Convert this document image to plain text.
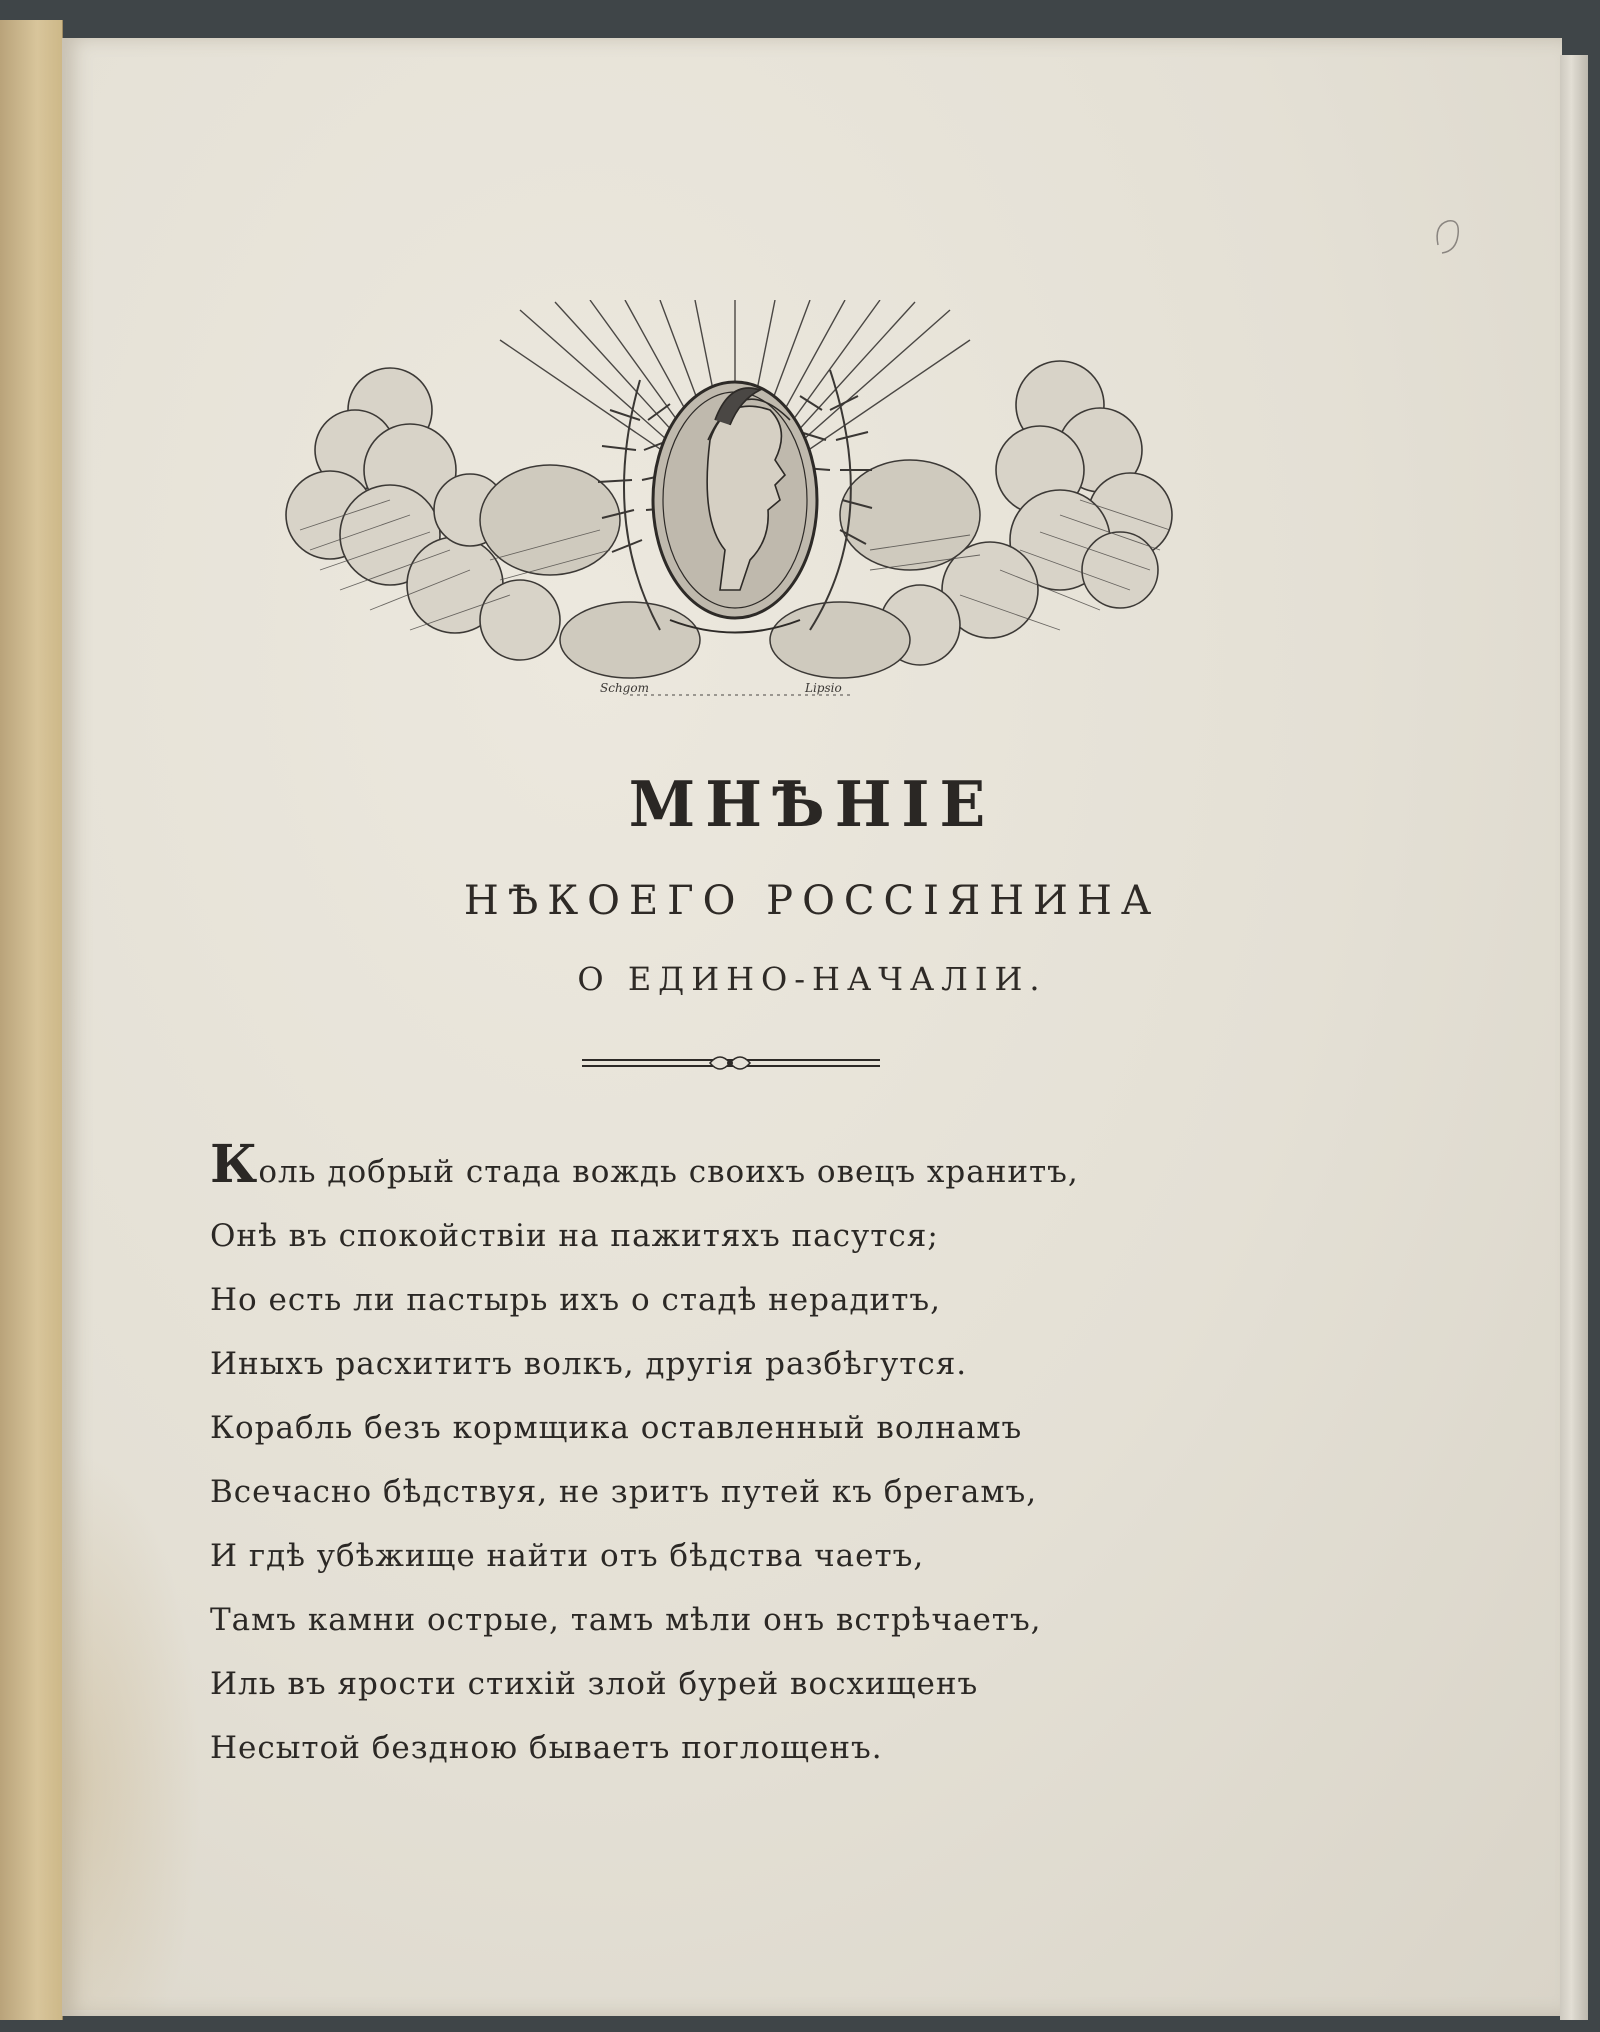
Schgom	Lipsio
МНѢНIЕ
НѢКОЕГО РОССIЯНИНА
О ЕДИНО-НАЧАЛIИ.
Коль добрый стада вождь своихъ овецъ хранитъ,
Онѣ въ спокойствiи на пажитяхъ пасутся;
Но есть ли пастырь ихъ о стадѣ нерадитъ,
Иныхъ расхититъ волкъ, другiя разбѣгутся.
Корабль безъ кормщика оставленный волнамъ
Всечасно бѣдствуя, не зритъ путей къ брегамъ,
И гдѣ убѣжище найти отъ бѣдства чаетъ,
Тамъ камни острые, тамъ мѣли онъ встрѣчаетъ,
Иль въ ярости стихiй злой бурей восхищенъ
Несытой бездною бываетъ поглощенъ.
